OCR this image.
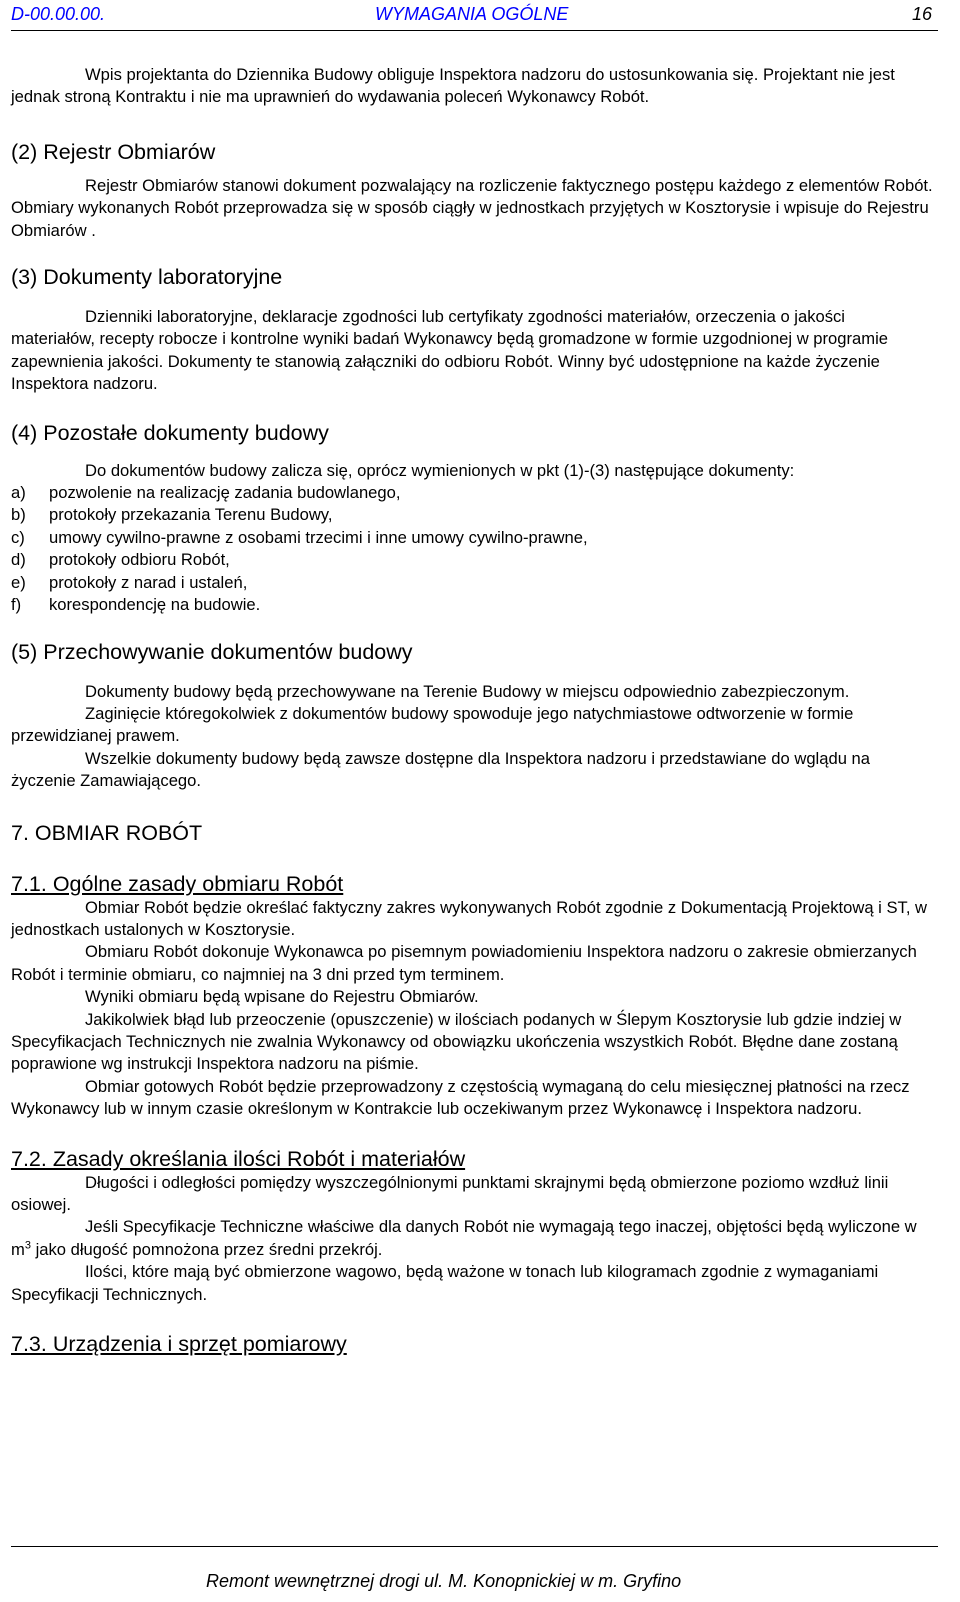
D-00.00.00.	WYMAGANIA OGÓLNE	16

Wpis projektanta do Dziennika Budowy obliguje Inspektora nadzoru do ustosunkowania się. Projektant nie jest jednak stroną Kontraktu i nie ma uprawnień do wydawania poleceń Wykonawcy Robót.

(2) Rejestr Obmiarów

Rejestr Obmiarów stanowi dokument pozwalający na rozliczenie faktycznego postępu każdego z elementów Robót. Obmiary wykonanych Robót przeprowadza się w sposób ciągły w jednostkach przyjętych w Kosztorysie i wpisuje do Rejestru Obmiarów .

(3) Dokumenty laboratoryjne

Dzienniki laboratoryjne, deklaracje zgodności lub certyfikaty zgodności materiałów, orzeczenia o jakości materiałów, recepty robocze i kontrolne wyniki badań Wykonawcy będą gromadzone w formie uzgodnionej w programie zapewnienia jakości. Dokumenty te stanowią załączniki do odbioru Robót. Winny być udostępnione na każde życzenie Inspektora nadzoru.

(4) Pozostałe dokumenty budowy

Do dokumentów budowy zalicza się, oprócz wymienionych w pkt (1)-(3) następujące dokumenty:

a)	pozwolenie na realizację zadania budowlanego,
b)	protokoły przekazania Terenu Budowy,
c)	umowy cywilno-prawne z osobami trzecimi i inne umowy cywilno-prawne,
d)	protokoły odbioru Robót,
e)	protokoły z narad i ustaleń,
f)	korespondencję na budowie.

(5) Przechowywanie dokumentów budowy

Dokumenty budowy będą przechowywane na Terenie Budowy w miejscu odpowiednio zabezpieczonym.

Zaginięcie któregokolwiek z dokumentów budowy spowoduje jego natychmiastowe odtworzenie w formie przewidzianej prawem.

Wszelkie dokumenty budowy będą zawsze dostępne dla Inspektora nadzoru i przedstawiane do wglądu na życzenie Zamawiającego.

7. OBMIAR ROBÓT

7.1. Ogólne zasady obmiaru Robót

Obmiar Robót będzie określać faktyczny zakres wykonywanych Robót zgodnie z Dokumentacją Projektową i ST, w jednostkach ustalonych w Kosztorysie.

Obmiaru Robót dokonuje Wykonawca po pisemnym powiadomieniu Inspektora nadzoru o zakresie obmierzanych Robót i terminie obmiaru, co najmniej na 3 dni przed tym terminem.

Wyniki obmiaru będą wpisane do Rejestru Obmiarów.

Jakikolwiek błąd lub przeoczenie (opuszczenie) w ilościach podanych w Ślepym Kosztorysie lub gdzie indziej w Specyfikacjach Technicznych nie zwalnia Wykonawcy od obowiązku ukończenia wszystkich Robót. Błędne dane zostaną poprawione wg instrukcji Inspektora nadzoru na piśmie.

Obmiar gotowych Robót będzie przeprowadzony z częstością wymaganą do celu miesięcznej płatności na rzecz Wykonawcy lub w innym czasie określonym w Kontrakcie lub oczekiwanym przez Wykonawcę i Inspektora nadzoru.

7.2. Zasady określania ilości Robót i materiałów

Długości i odległości pomiędzy wyszczególnionymi punktami skrajnymi będą obmierzone poziomo wzdłuż linii osiowej.

Jeśli Specyfikacje Techniczne właściwe dla danych Robót nie wymagają tego inaczej, objętości będą wyliczone w $m^3$ jako długość pomnożona przez średni przekrój.

Ilości, które mają być obmierzone wagowo, będą ważone w tonach lub kilogramach zgodnie z wymaganiami Specyfikacji Technicznych.

7.3. Urządzenia i sprzęt pomiarowy

Remont wewnętrznej drogi ul. M. Konopnickiej w m. Gryfino
